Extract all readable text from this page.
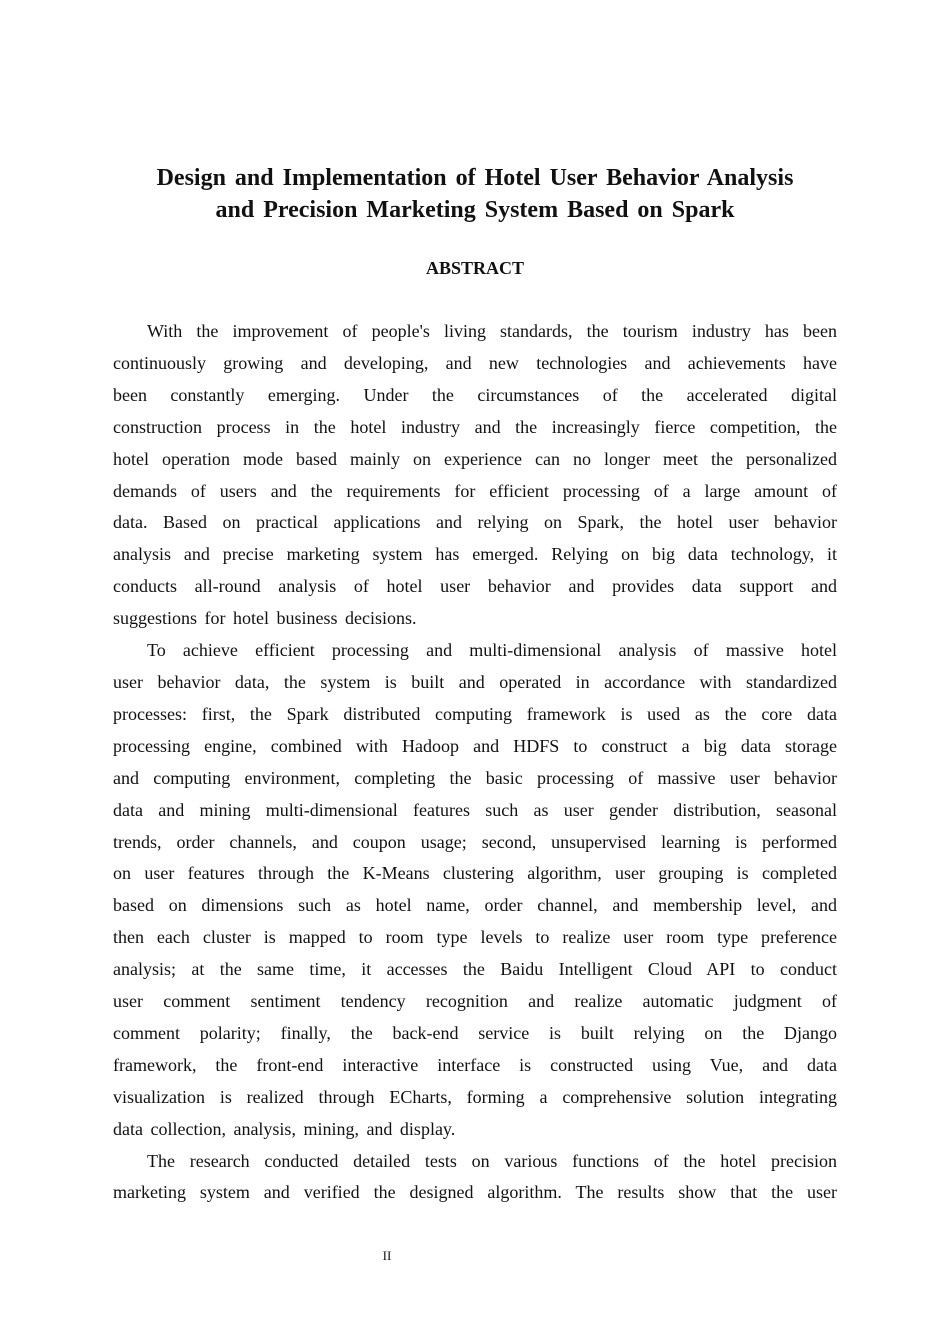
Design and Implementation of Hotel User Behavior Analysis
and Precision Marketing System Based on Spark
ABSTRACT

With the improvement of people's living standards, the tourism industry has been
continuously growing and developing, and new technologies and achievements have
been constantly emerging. Under the circumstances of the accelerated digital
construction process in the hotel industry and the increasingly fierce competition, the
hotel operation mode based mainly on experience can no longer meet the personalized
demands of users and the requirements for efficient processing of a large amount of
data. Based on practical applications and relying on Spark, the hotel user behavior
analysis and precise marketing system has emerged. Relying on big data technology, it
conducts all-round analysis of hotel user behavior and provides data support and
suggestions for hotel business decisions.

To achieve efficient processing and multi-dimensional analysis of massive hotel
user behavior data, the system is built and operated in accordance with standardized
processes: first, the Spark distributed computing framework is used as the core data
processing engine, combined with Hadoop and HDFS to construct a big data storage
and computing environment, completing the basic processing of massive user behavior
data and mining multi-dimensional features such as user gender distribution, seasonal
trends, order channels, and coupon usage; second, unsupervised learning is performed
on user features through the K-Means clustering algorithm, user grouping is completed
based on dimensions such as hotel name, order channel, and membership level, and
then each cluster is mapped to room type levels to realize user room type preference
analysis; at the same time, it accesses the Baidu Intelligent Cloud API to conduct
user comment sentiment tendency recognition and realize automatic judgment of
comment polarity; finally, the back-end service is built relying on the Django
framework, the front-end interactive interface is constructed using Vue, and data
visualization is realized through ECharts, forming a comprehensive solution integrating
data collection, analysis, mining, and display.

The research conducted detailed tests on various functions of the hotel precision
marketing system and verified the designed algorithm. The results show that the user

II
